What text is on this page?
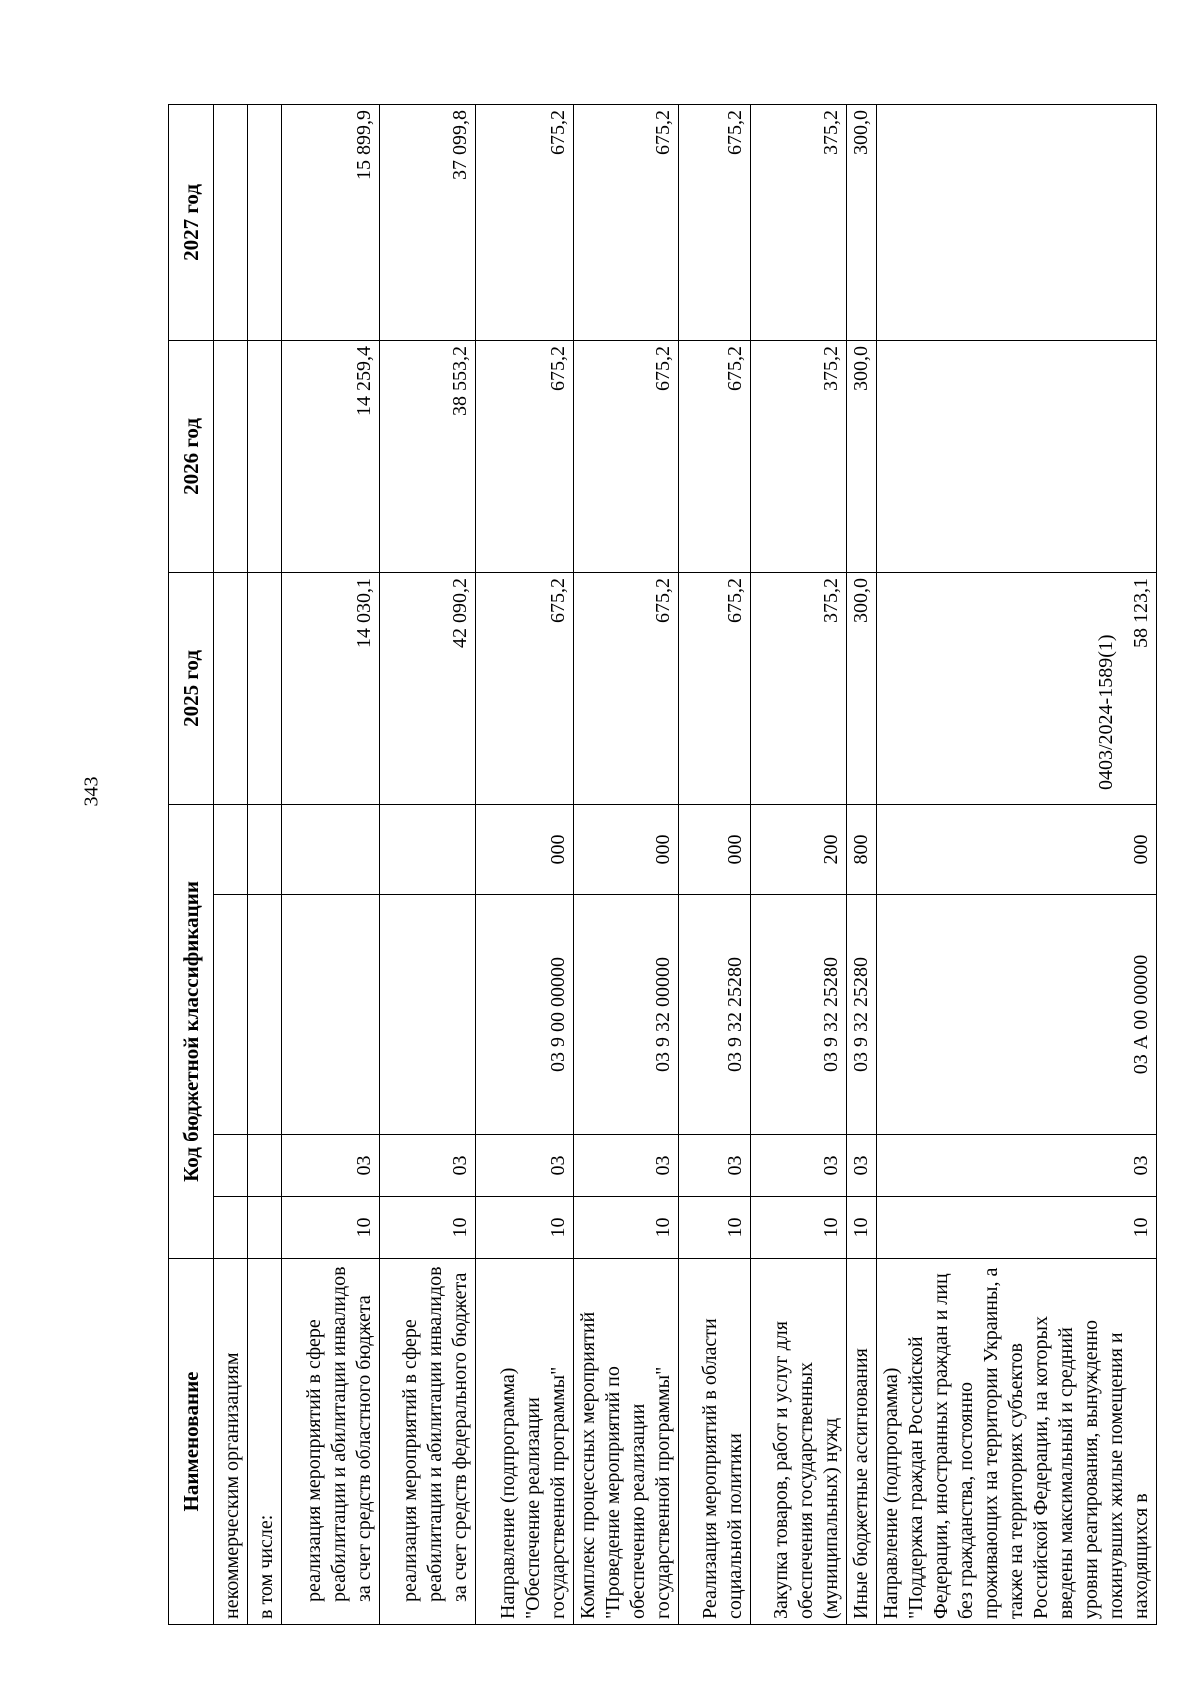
343
Наименование	Код бюджетной классификации				2025 год	2026 год	2027 год
некоммерческим организациям							
в том числе:							
реализация мероприятий в сфере реабилитации и абилитации инвалидов за счет средств областного бюджета	10	03			14 030,1	14 259,4	15 899,9
реализация мероприятий в сфере реабилитации и абилитации инвалидов за счет средств федерального бюджета	10	03			42 090,2	38 553,2	37 099,8
Направление (подпрограмма) "Обеспечение реализации государственной программы"	10	03	03 9 00 00000	000	675,2	675,2	675,2
Комплекс процессных мероприятий "Проведение мероприятий по обеспечению реализации государственной программы"	10	03	03 9 32 00000	000	675,2	675,2	675,2
Реализация мероприятий в области социальной политики	10	03	03 9 32 25280	000	675,2	675,2	675,2
Закупка товаров, работ и услуг для обеспечения государственных (муниципальных) нужд	10	03	03 9 32 25280	200	375,2	375,2	375,2
Иные бюджетные ассигнования	10	03	03 9 32 25280	800	300,0	300,0	300,0
Направление (подпрограмма) "Поддержка граждан Российской Федерации, иностранных граждан и лиц без гражданства, постоянно проживающих на территории Украины, а также на территориях субъектов Российской Федерации, на которых введены максимальный и средний уровни реагирования, вынужденно покинувших жилые помещения и находящихся в	10	03	03 А 00 00000	000	58 123,1		
0403/2024-1589(1)
